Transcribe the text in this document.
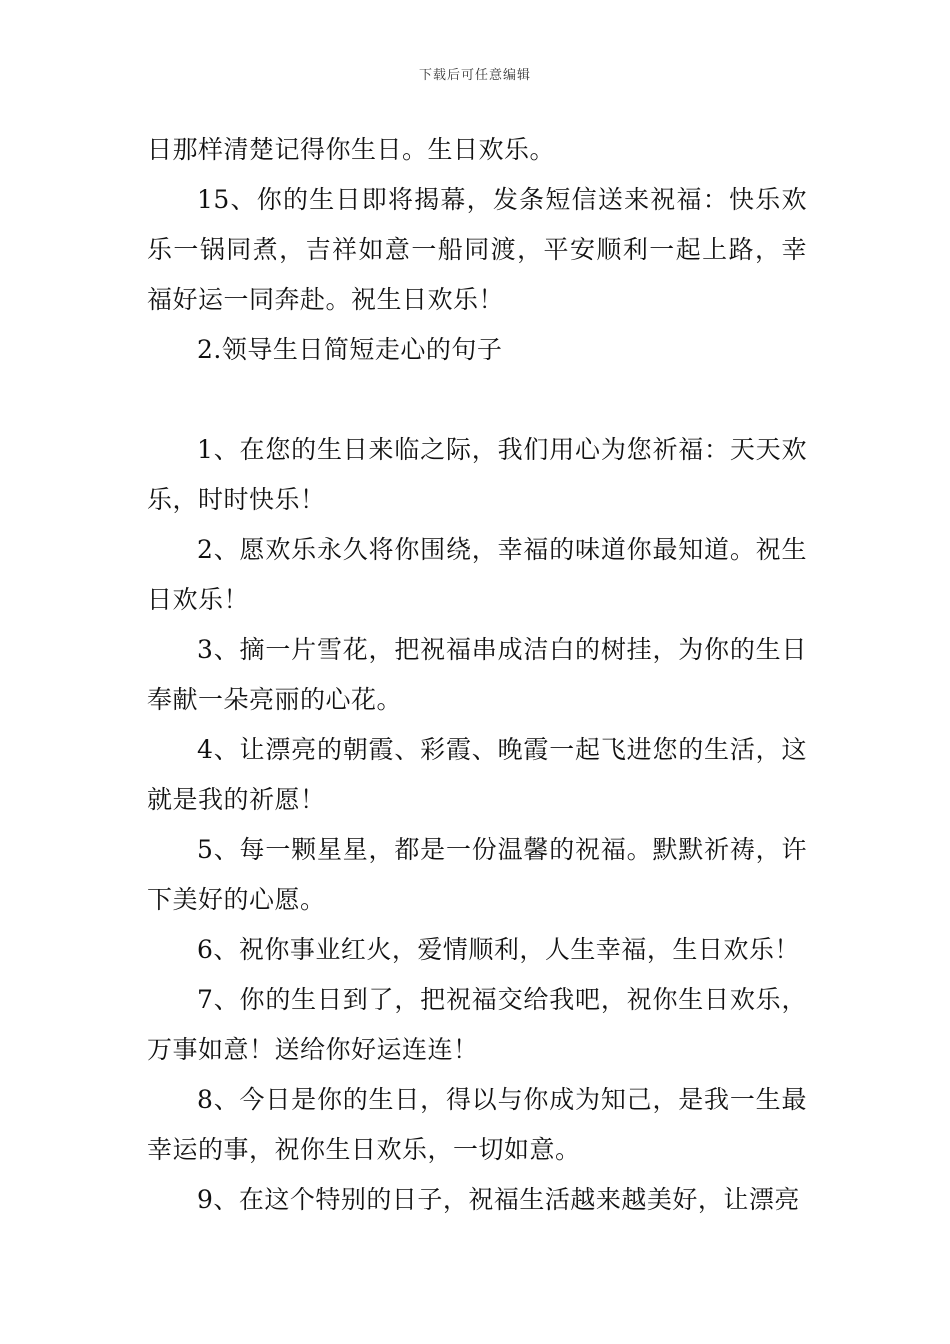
下载后可任意编辑

日那样清楚记得你生日。生日欢乐。

15、你的生日即将揭幕，发条短信送来祝福：快乐欢乐一锅同煮，吉祥如意一船同渡，平安顺利一起上路，幸福好运一同奔赴。祝生日欢乐！

2.领导生日简短走心的句子

1、在您的生日来临之际，我们用心为您祈福：天天欢乐，时时快乐！

2、愿欢乐永久将你围绕，幸福的味道你最知道。祝生日欢乐！

3、摘一片雪花，把祝福串成洁白的树挂，为你的生日奉献一朵亮丽的心花。

4、让漂亮的朝霞、彩霞、晚霞一起飞进您的生活，这就是我的祈愿！

5、每一颗星星，都是一份温馨的祝福。默默祈祷，许下美好的心愿。

6、祝你事业红火，爱情顺利，人生幸福，生日欢乐！

7、你的生日到了，把祝福交给我吧，祝你生日欢乐，万事如意！送给你好运连连！

8、今日是你的生日，得以与你成为知己，是我一生最幸运的事，祝你生日欢乐，一切如意。

9、在这个特别的日子，祝福生活越来越美好，让漂亮
